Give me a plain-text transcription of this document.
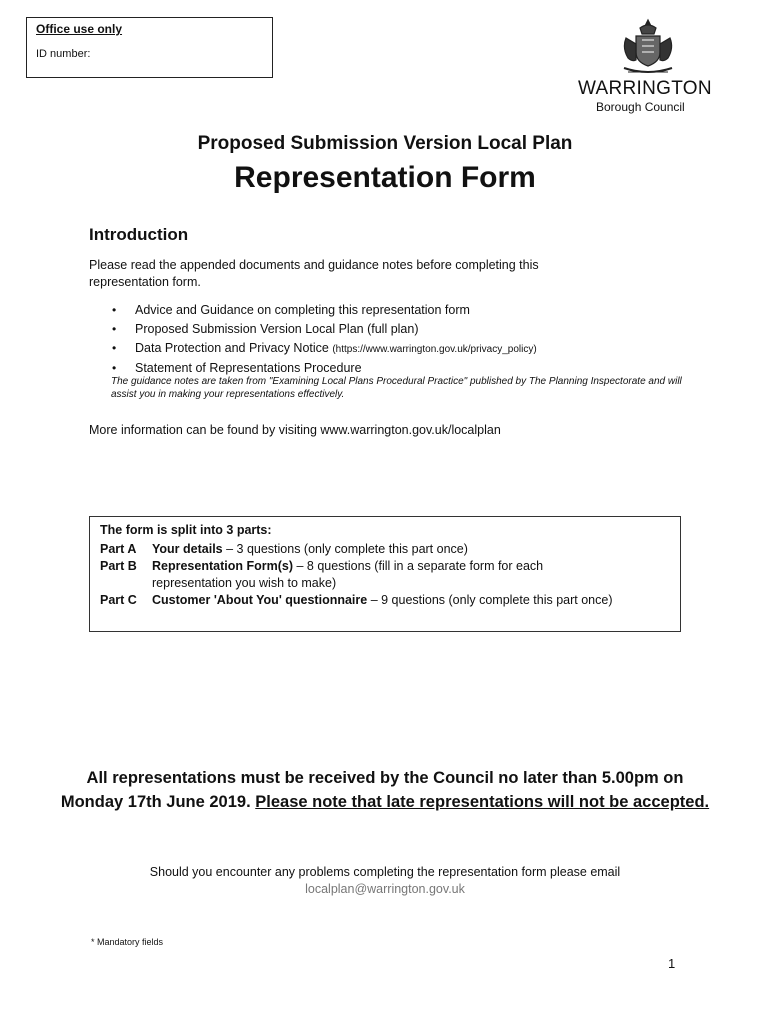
Office use only
ID number:
WARRINGTON
Borough Council
Proposed Submission Version Local Plan
Representation Form
Introduction
Please read the appended documents and guidance notes before completing this representation form.
• Advice and Guidance on completing this representation form
• Proposed Submission Version Local Plan (full plan)
• Data Protection and Privacy Notice (https://www.warrington.gov.uk/privacy_policy)
• Statement of Representations Procedure
The guidance notes are taken from "Examining Local Plans Procedural Practice" published by The Planning Inspectorate and will assist you in making your representations effectively.
More information can be found by visiting www.warrington.gov.uk/localplan
The form is split into 3 parts:
Part A Your details – 3 questions (only complete this part once)
Part B Representation Form(s) – 8 questions (fill in a separate form for each representation you wish to make)
Part C Customer 'About You' questionnaire – 9 questions (only complete this part once)
All representations must be received by the Council no later than 5.00pm on Monday 17th June 2019. Please note that late representations will not be accepted.
Should you encounter any problems completing the representation form please email
localplan@warrington.gov.uk
* Mandatory fields
1
